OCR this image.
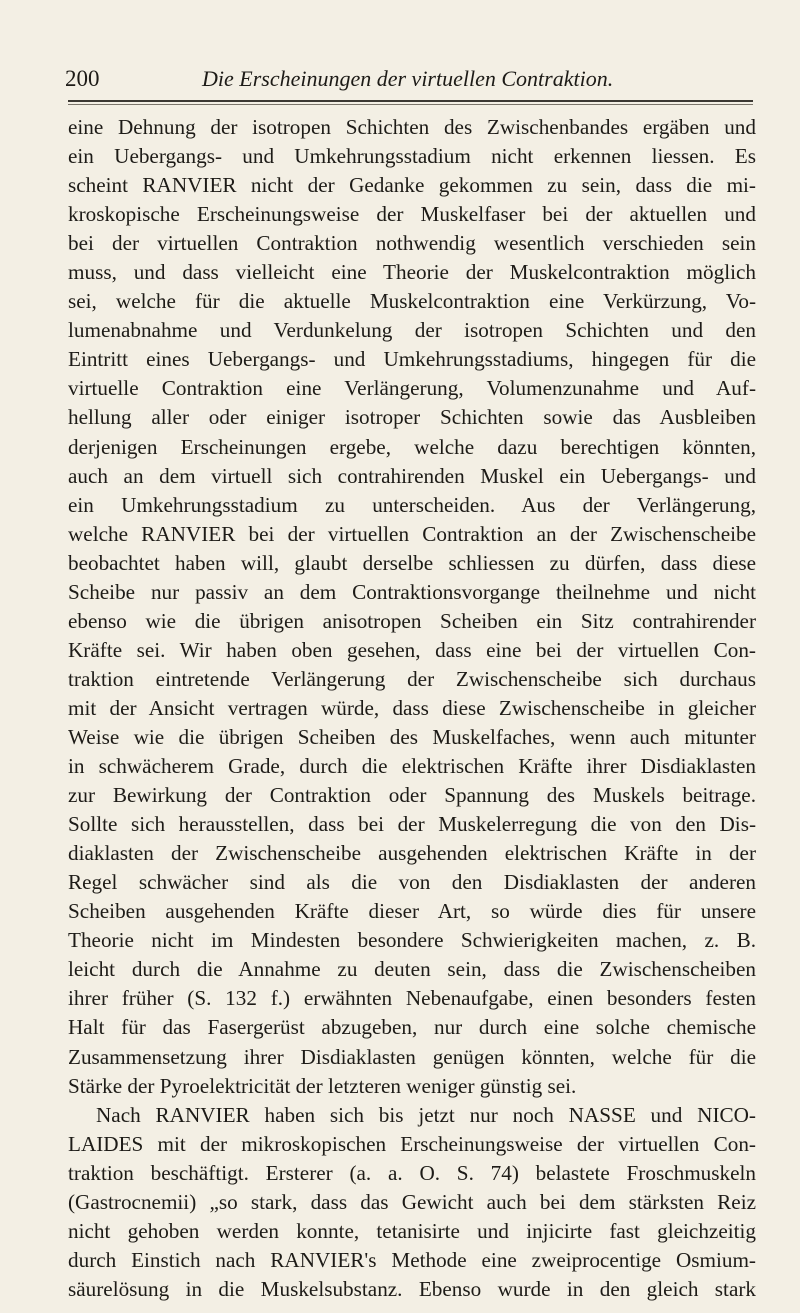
200	Die Erscheinungen der virtuellen Contraktion.
eine Dehnung der isotropen Schichten des Zwischenbandes ergäben und
ein Uebergangs- und Umkehrungsstadium nicht erkennen liessen. Es
scheint RANVIER nicht der Gedanke gekommen zu sein, dass die mi-
kroskopische Erscheinungsweise der Muskelfaser bei der aktuellen und
bei der virtuellen Contraktion nothwendig wesentlich verschieden sein
muss, und dass vielleicht eine Theorie der Muskelcontraktion möglich
sei, welche für die aktuelle Muskelcontraktion eine Verkürzung, Vo-
lumenabnahme und Verdunkelung der isotropen Schichten und den
Eintritt eines Uebergangs- und Umkehrungsstadiums, hingegen für die
virtuelle Contraktion eine Verlängerung, Volumenzunahme und Auf-
hellung aller oder einiger isotroper Schichten sowie das Ausbleiben
derjenigen Erscheinungen ergebe, welche dazu berechtigen könnten,
auch an dem virtuell sich contrahirenden Muskel ein Uebergangs- und
ein Umkehrungsstadium zu unterscheiden. Aus der Verlängerung,
welche RANVIER bei der virtuellen Contraktion an der Zwischenscheibe
beobachtet haben will, glaubt derselbe schliessen zu dürfen, dass diese
Scheibe nur passiv an dem Contraktionsvorgange theilnehme und nicht
ebenso wie die übrigen anisotropen Scheiben ein Sitz contrahirender
Kräfte sei. Wir haben oben gesehen, dass eine bei der virtuellen Con-
traktion eintretende Verlängerung der Zwischenscheibe sich durchaus
mit der Ansicht vertragen würde, dass diese Zwischenscheibe in gleicher
Weise wie die übrigen Scheiben des Muskelfaches, wenn auch mitunter
in schwächerem Grade, durch die elektrischen Kräfte ihrer Disdiaklasten
zur Bewirkung der Contraktion oder Spannung des Muskels beitrage.
Sollte sich herausstellen, dass bei der Muskelerregung die von den Dis-
diaklasten der Zwischenscheibe ausgehenden elektrischen Kräfte in der
Regel schwächer sind als die von den Disdiaklasten der anderen
Scheiben ausgehenden Kräfte dieser Art, so würde dies für unsere
Theorie nicht im Mindesten besondere Schwierigkeiten machen, z. B.
leicht durch die Annahme zu deuten sein, dass die Zwischenscheiben
ihrer früher (S. 132 f.) erwähnten Nebenaufgabe, einen besonders festen
Halt für das Fasergerüst abzugeben, nur durch eine solche chemische
Zusammensetzung ihrer Disdiaklasten genügen könnten, welche für die
Stärke der Pyroelektricität der letzteren weniger günstig sei.
Nach RANVIER haben sich bis jetzt nur noch NASSE und NICO-
LAIDES mit der mikroskopischen Erscheinungsweise der virtuellen Con-
traktion beschäftigt. Ersterer (a. a. O. S. 74) belastete Froschmuskeln
(Gastrocnemii) „so stark, dass das Gewicht auch bei dem stärksten Reiz
nicht gehoben werden konnte, tetanisirte und injicirte fast gleichzeitig
durch Einstich nach RANVIER's Methode eine zweiprocentige Osmium-
säurelösung in die Muskelsubstanz. Ebenso wurde in den gleich stark
